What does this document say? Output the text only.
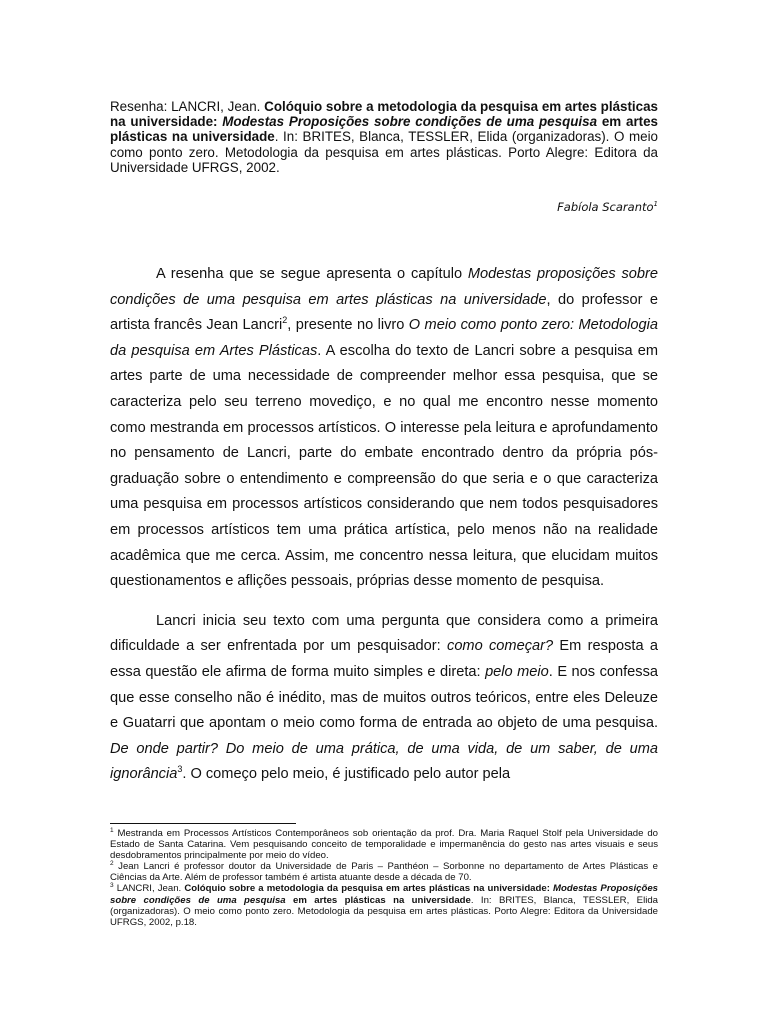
Resenha: LANCRI, Jean. Colóquio sobre a metodologia da pesquisa em artes plásticas na universidade: Modestas Proposições sobre condições de uma pesquisa em artes plásticas na universidade. In: BRITES, Blanca, TESSLER, Elida (organizadoras). O meio como ponto zero. Metodologia da pesquisa em artes plásticas. Porto Alegre: Editora da Universidade UFRGS, 2002.
Fabíola Scaranto$^1$

A resenha que se segue apresenta o capítulo Modestas proposições sobre condições de uma pesquisa em artes plásticas na universidade, do professor e artista francês Jean Lancri$^2$, presente no livro O meio como ponto zero: Metodologia da pesquisa em Artes Plásticas. A escolha do texto de Lancri sobre a pesquisa em artes parte de uma necessidade de compreender melhor essa pesquisa, que se caracteriza pelo seu terreno movediço, e no qual me encontro nesse momento como mestranda em processos artísticos. O interesse pela leitura e aprofundamento no pensamento de Lancri, parte do embate encontrado dentro da própria pós-graduação sobre o entendimento e compreensão do que seria e o que caracteriza uma pesquisa em processos artísticos considerando que nem todos pesquisadores em processos artísticos tem uma prática artística, pelo menos não na realidade acadêmica que me cerca. Assim, me concentro nessa leitura, que elucidam muitos questionamentos e aflições pessoais, próprias desse momento de pesquisa.

Lancri inicia seu texto com uma pergunta que considera como a primeira dificuldade a ser enfrentada por um pesquisador: como começar? Em resposta a essa questão ele afirma de forma muito simples e direta: pelo meio. E nos confessa que esse conselho não é inédito, mas de muitos outros teóricos, entre eles Deleuze e Guatarri que apontam o meio como forma de entrada ao objeto de uma pesquisa. De onde partir? Do meio de uma prática, de uma vida, de um saber, de uma ignorância$^3$. O começo pelo meio, é justificado pelo autor pela

$^1$ Mestranda em Processos Artísticos Contemporâneos sob orientação da prof. Dra. Maria Raquel Stolf pela Universidade do Estado de Santa Catarina. Vem pesquisando conceito de temporalidade e impermanência do gesto nas artes visuais e seus desdobramentos principalmente por meio do vídeo.

$^2$ Jean Lancri é professor doutor da Universidade de Paris – Panthéon – Sorbonne no departamento de Artes Plásticas e Ciências da Arte. Além de professor também é artista atuante desde a década de 70.

$^3$ LANCRI, Jean. Colóquio sobre a metodologia da pesquisa em artes plásticas na universidade: Modestas Proposições sobre condições de uma pesquisa em artes plásticas na universidade. In: BRITES, Blanca, TESSLER, Elida (organizadoras). O meio como ponto zero. Metodologia da pesquisa em artes plásticas. Porto Alegre: Editora da Universidade UFRGS, 2002, p.18.
